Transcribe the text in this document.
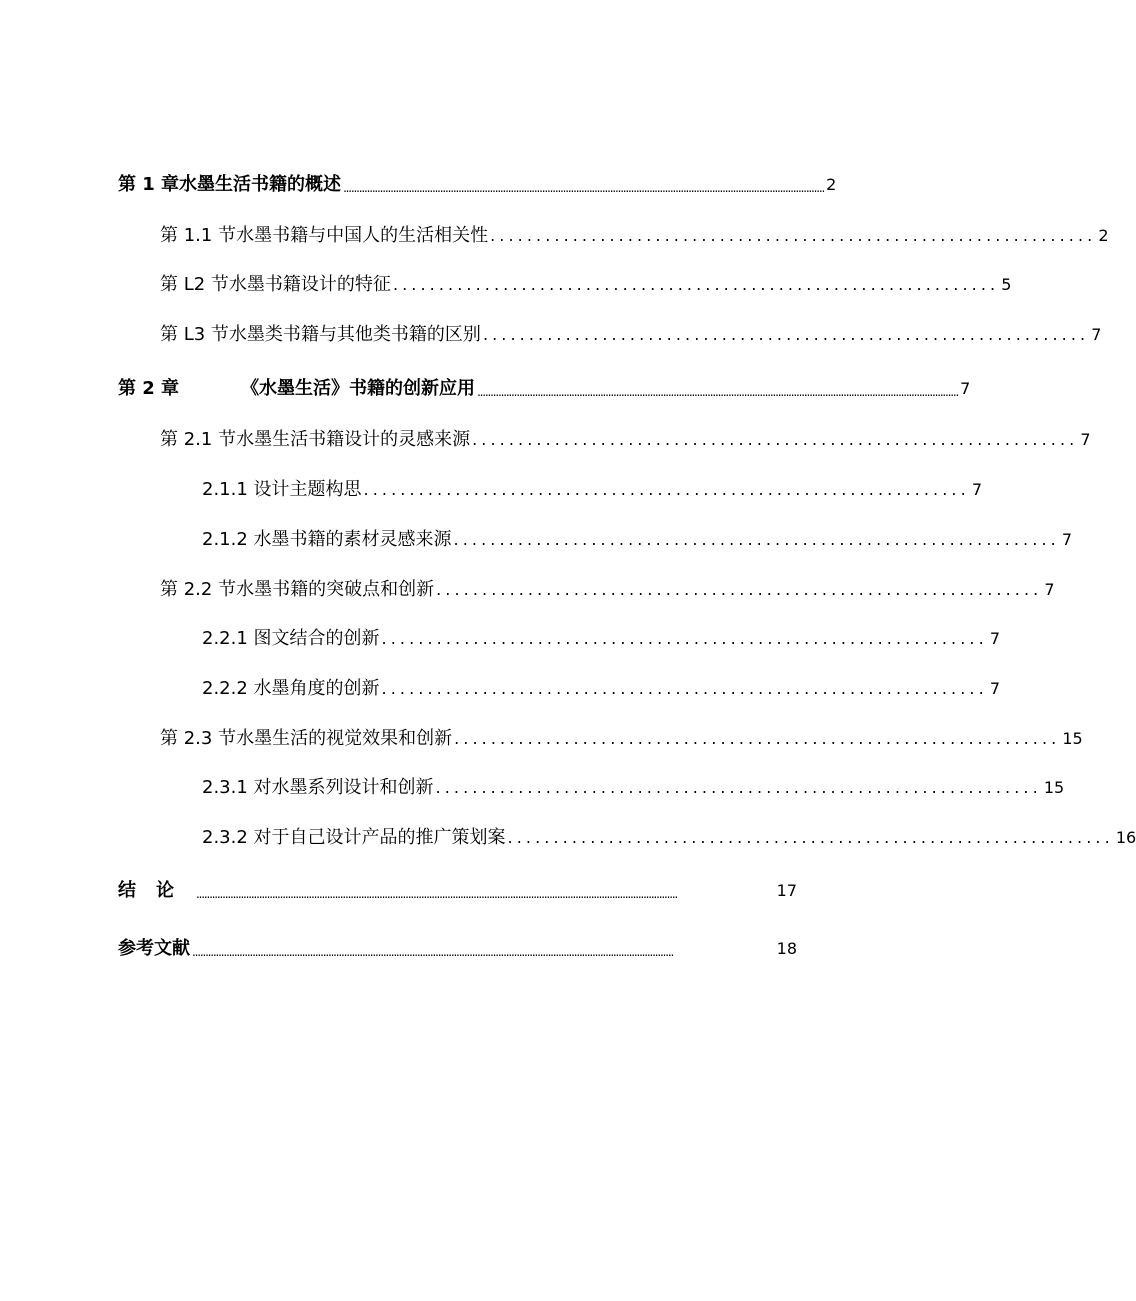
第 1 章水墨生活书籍的概述 ........................................................................................................................................................................................ 2
第 1.1 节水墨书籍与中国人的生活相关性 .................................................................. 2
第 L2 节水墨书籍设计的特征 .................................................................. 5
第 L3 节水墨类书籍与其他类书籍的区别 .................................................................. 7
第 2 章	《水墨生活》书籍的创新应用 ........................................................................................................................................................................................ 7
第 2.1 节水墨生活书籍设计的灵感来源 .................................................................. 7
2.1.1 设计主题构思 .................................................................. 7
2.1.2 水墨书籍的素材灵感来源 .................................................................. 7
第 2.2 节水墨书籍的突破点和创新 .................................................................. 7
2.2.1 图文结合的创新 .................................................................. 7
2.2.2 水墨角度的创新 .................................................................. 7
第 2.3 节水墨生活的视觉效果和创新 .................................................................. 15
2.3.1 对水墨系列设计和创新 .................................................................. 15
2.3.2 对于自己设计产品的推广策划案 .................................................................. 16
结论 ........................................................................................................................................................................................	17
参考文献 ........................................................................................................................................................................................	18
